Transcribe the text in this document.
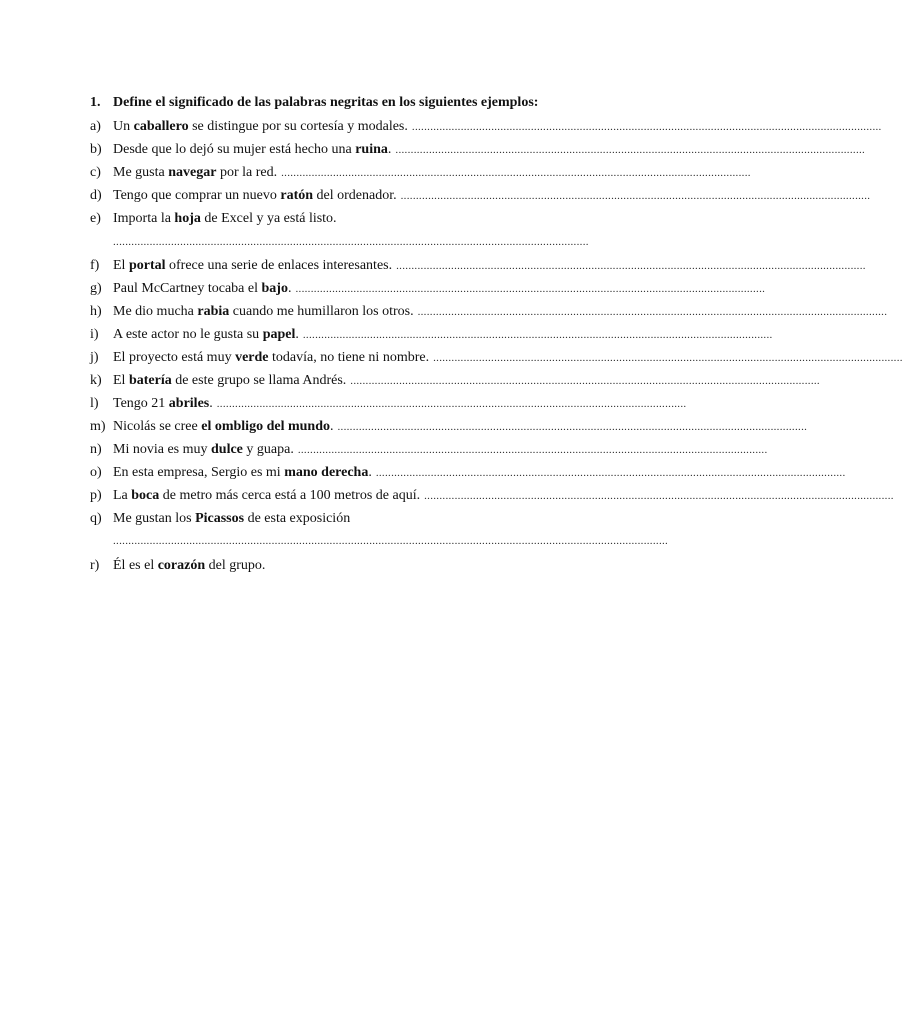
1. Define el significado de las palabras negritas en los siguientes ejemplos:
a) Un caballero se distingue por su cortesía y modales. ..........................................................................................................................................................
b) Desde que lo dejó su mujer está hecho una ruina. ..........................................................................................................................................................
c) Me gusta navegar por la red. ..........................................................................................................................................................
d) Tengo que comprar un nuevo ratón del ordenador. ..........................................................................................................................................................
e) Importa la hoja de Excel y ya está listo.
............................................................................................................................................................
f) El portal ofrece una serie de enlaces interesantes. ..........................................................................................................................................................
g) Paul McCartney tocaba el bajo. ..........................................................................................................................................................
h) Me dio mucha rabia cuando me humillaron los otros. ..........................................................................................................................................................
i)	A este actor no le gusta su papel. ..........................................................................................................................................................
j)	El proyecto está muy verde todavía, no tiene ni nombre. ..........................................................................................................................................................
k) El batería de este grupo se llama Andrés. ..........................................................................................................................................................
l)	Tengo 21 abriles. ..........................................................................................................................................................
m) Nicolás se cree el ombligo del mundo. ..........................................................................................................................................................
n) Mi novia es muy dulce y guapa. ..........................................................................................................................................................
o) En esta empresa, Sergio es mi mano derecha. ..........................................................................................................................................................
p) La boca de metro más cerca está a 100 metros de aquí. ..........................................................................................................................................................
q) Me gustan los Picassos de esta exposición
......................................................................................................................................................................................
r) Él es el corazón del grupo.
